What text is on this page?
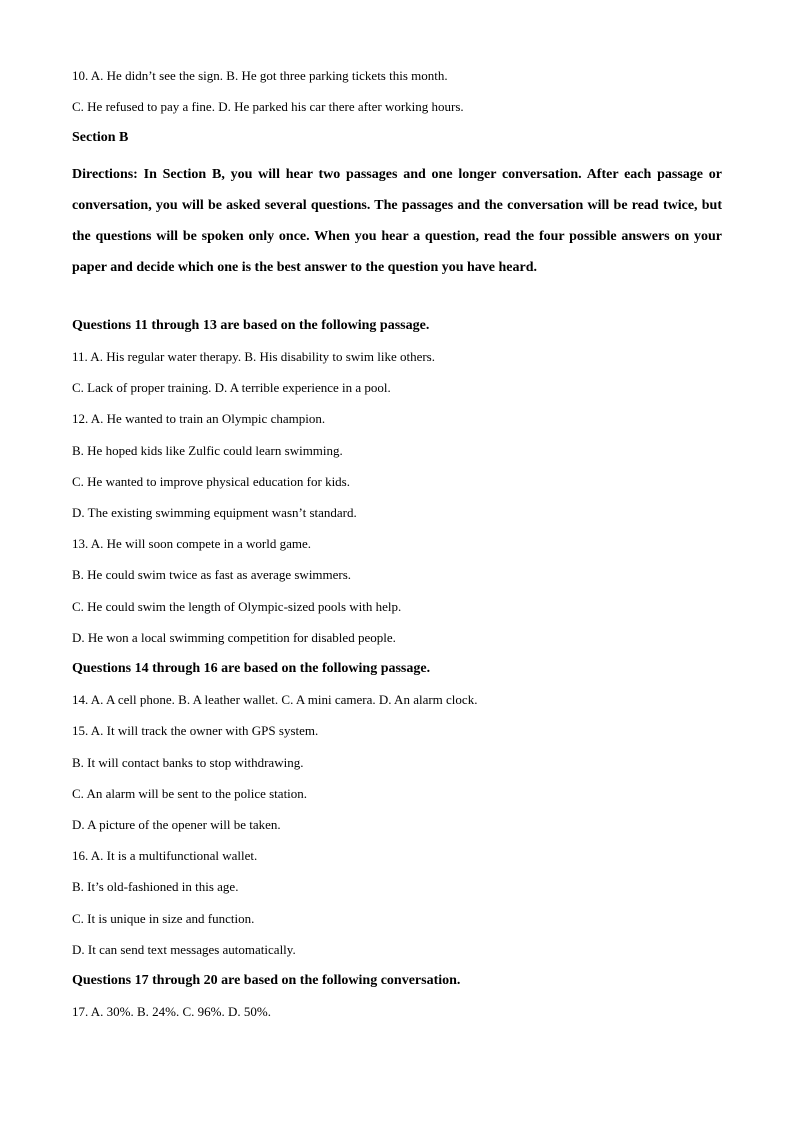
10. A. He didn’t see the sign. B. He got three parking tickets this month.
C. He refused to pay a fine. D. He parked his car there after working hours.
Section B
Directions: In Section B, you will hear two passages and one longer conversation. After each passage or conversation, you will be asked several questions. The passages and the conversation will be read twice, but the questions will be spoken only once. When you hear a question, read the four possible answers on your paper and decide which one is the best answer to the question you have heard.
Questions 11 through 13 are based on the following passage.
11. A. His regular water therapy. B. His disability to swim like others.
C. Lack of proper training. D. A terrible experience in a pool.
12. A. He wanted to train an Olympic champion.
B. He hoped kids like Zulfic could learn swimming.
C. He wanted to improve physical education for kids.
D. The existing swimming equipment wasn’t standard.
13. A. He will soon compete in a world game.
B. He could swim twice as fast as average swimmers.
C. He could swim the length of Olympic-sized pools with help.
D. He won a local swimming competition for disabled people.
Questions 14 through 16 are based on the following passage.
14. A. A cell phone. B. A leather wallet. C. A mini camera. D. An alarm clock.
15. A. It will track the owner with GPS system.
B. It will contact banks to stop withdrawing.
C. An alarm will be sent to the police station.
D. A picture of the opener will be taken.
16. A. It is a multifunctional wallet.
B. It’s old-fashioned in this age.
C. It is unique in size and function.
D. It can send text messages automatically.
Questions 17 through 20 are based on the following conversation.
17. A. 30%. B. 24%. C. 96%. D. 50%.
